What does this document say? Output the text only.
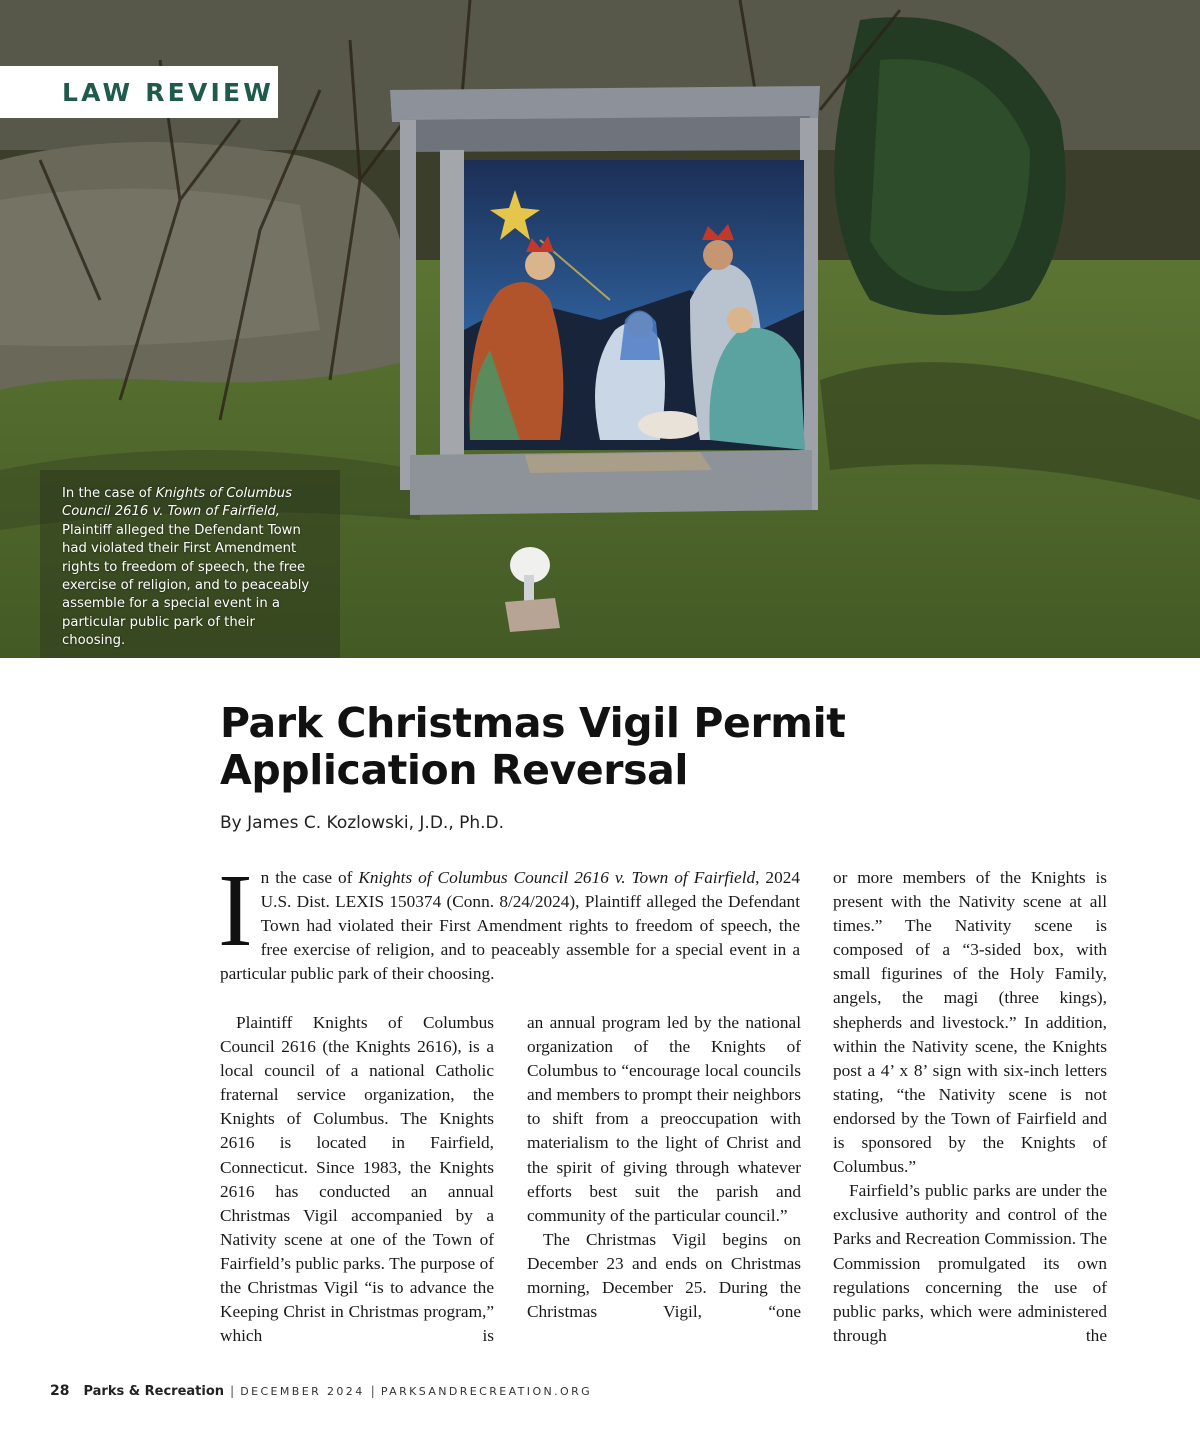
LAW REVIEW
In the case of Knights of Columbus Council 2616 v. Town of Fairfield, Plaintiff alleged the Defendant Town had violated their First Amendment rights to freedom of speech, the free exercise of religion, and to peaceably assemble for a special event in a particular public park of their choosing.
Park Christmas Vigil Permit Application Reversal
By James C. Kozlowski, J.D., Ph.D.

In the case of Knights of Columbus Council 2616 v. Town of Fairfield, 2024 U.S. Dist. LEXIS 150374 (Conn. 8/24/2024), Plaintiff alleged the Defendant Town had violated their First Amendment rights to freedom of speech, the free exercise of religion, and to peaceably assemble for a special event in a particular public park of their choosing.

Plaintiff Knights of Columbus Council 2616 (the Knights 2616), is a local council of a national Catholic fraternal service organization, the Knights of Columbus. The Knights 2616 is located in Fairfield, Connecticut. Since 1983, the Knights 2616 has conducted an annual Christmas Vigil accompanied by a Nativity scene at one of the Town of Fairfield’s public parks. The purpose of the Christmas Vigil “is to advance the Keeping Christ in Christmas program,” which is

an annual program led by the national organization of the Knights of Columbus to “encourage local councils and members to prompt their neighbors to shift from a preoccupation with materialism to the light of Christ and the spirit of giving through whatever efforts best suit the parish and community of the particular council.”

The Christmas Vigil begins on December 23 and ends on Christmas morning, December 25. During the Christmas Vigil, “one

or more members of the Knights is present with the Nativity scene at all times.” The Nativity scene is composed of a “3-sided box, with small figurines of the Holy Family, angels, the magi (three kings), shepherds and livestock.” In addition, within the Nativity scene, the Knights post a 4’ x 8’ sign with six-inch letters stating, “the Nativity scene is not endorsed by the Town of Fairfield and is sponsored by the Knights of Columbus.”

Fairfield’s public parks are under the exclusive authority and control of the Parks and Recreation Commission. The Commission promulgated its own regulations concerning the use of public parks, which were administered through the

28 Parks & Recreation | DECEMBER 2024 | PARKSANDRECREATION.ORG
